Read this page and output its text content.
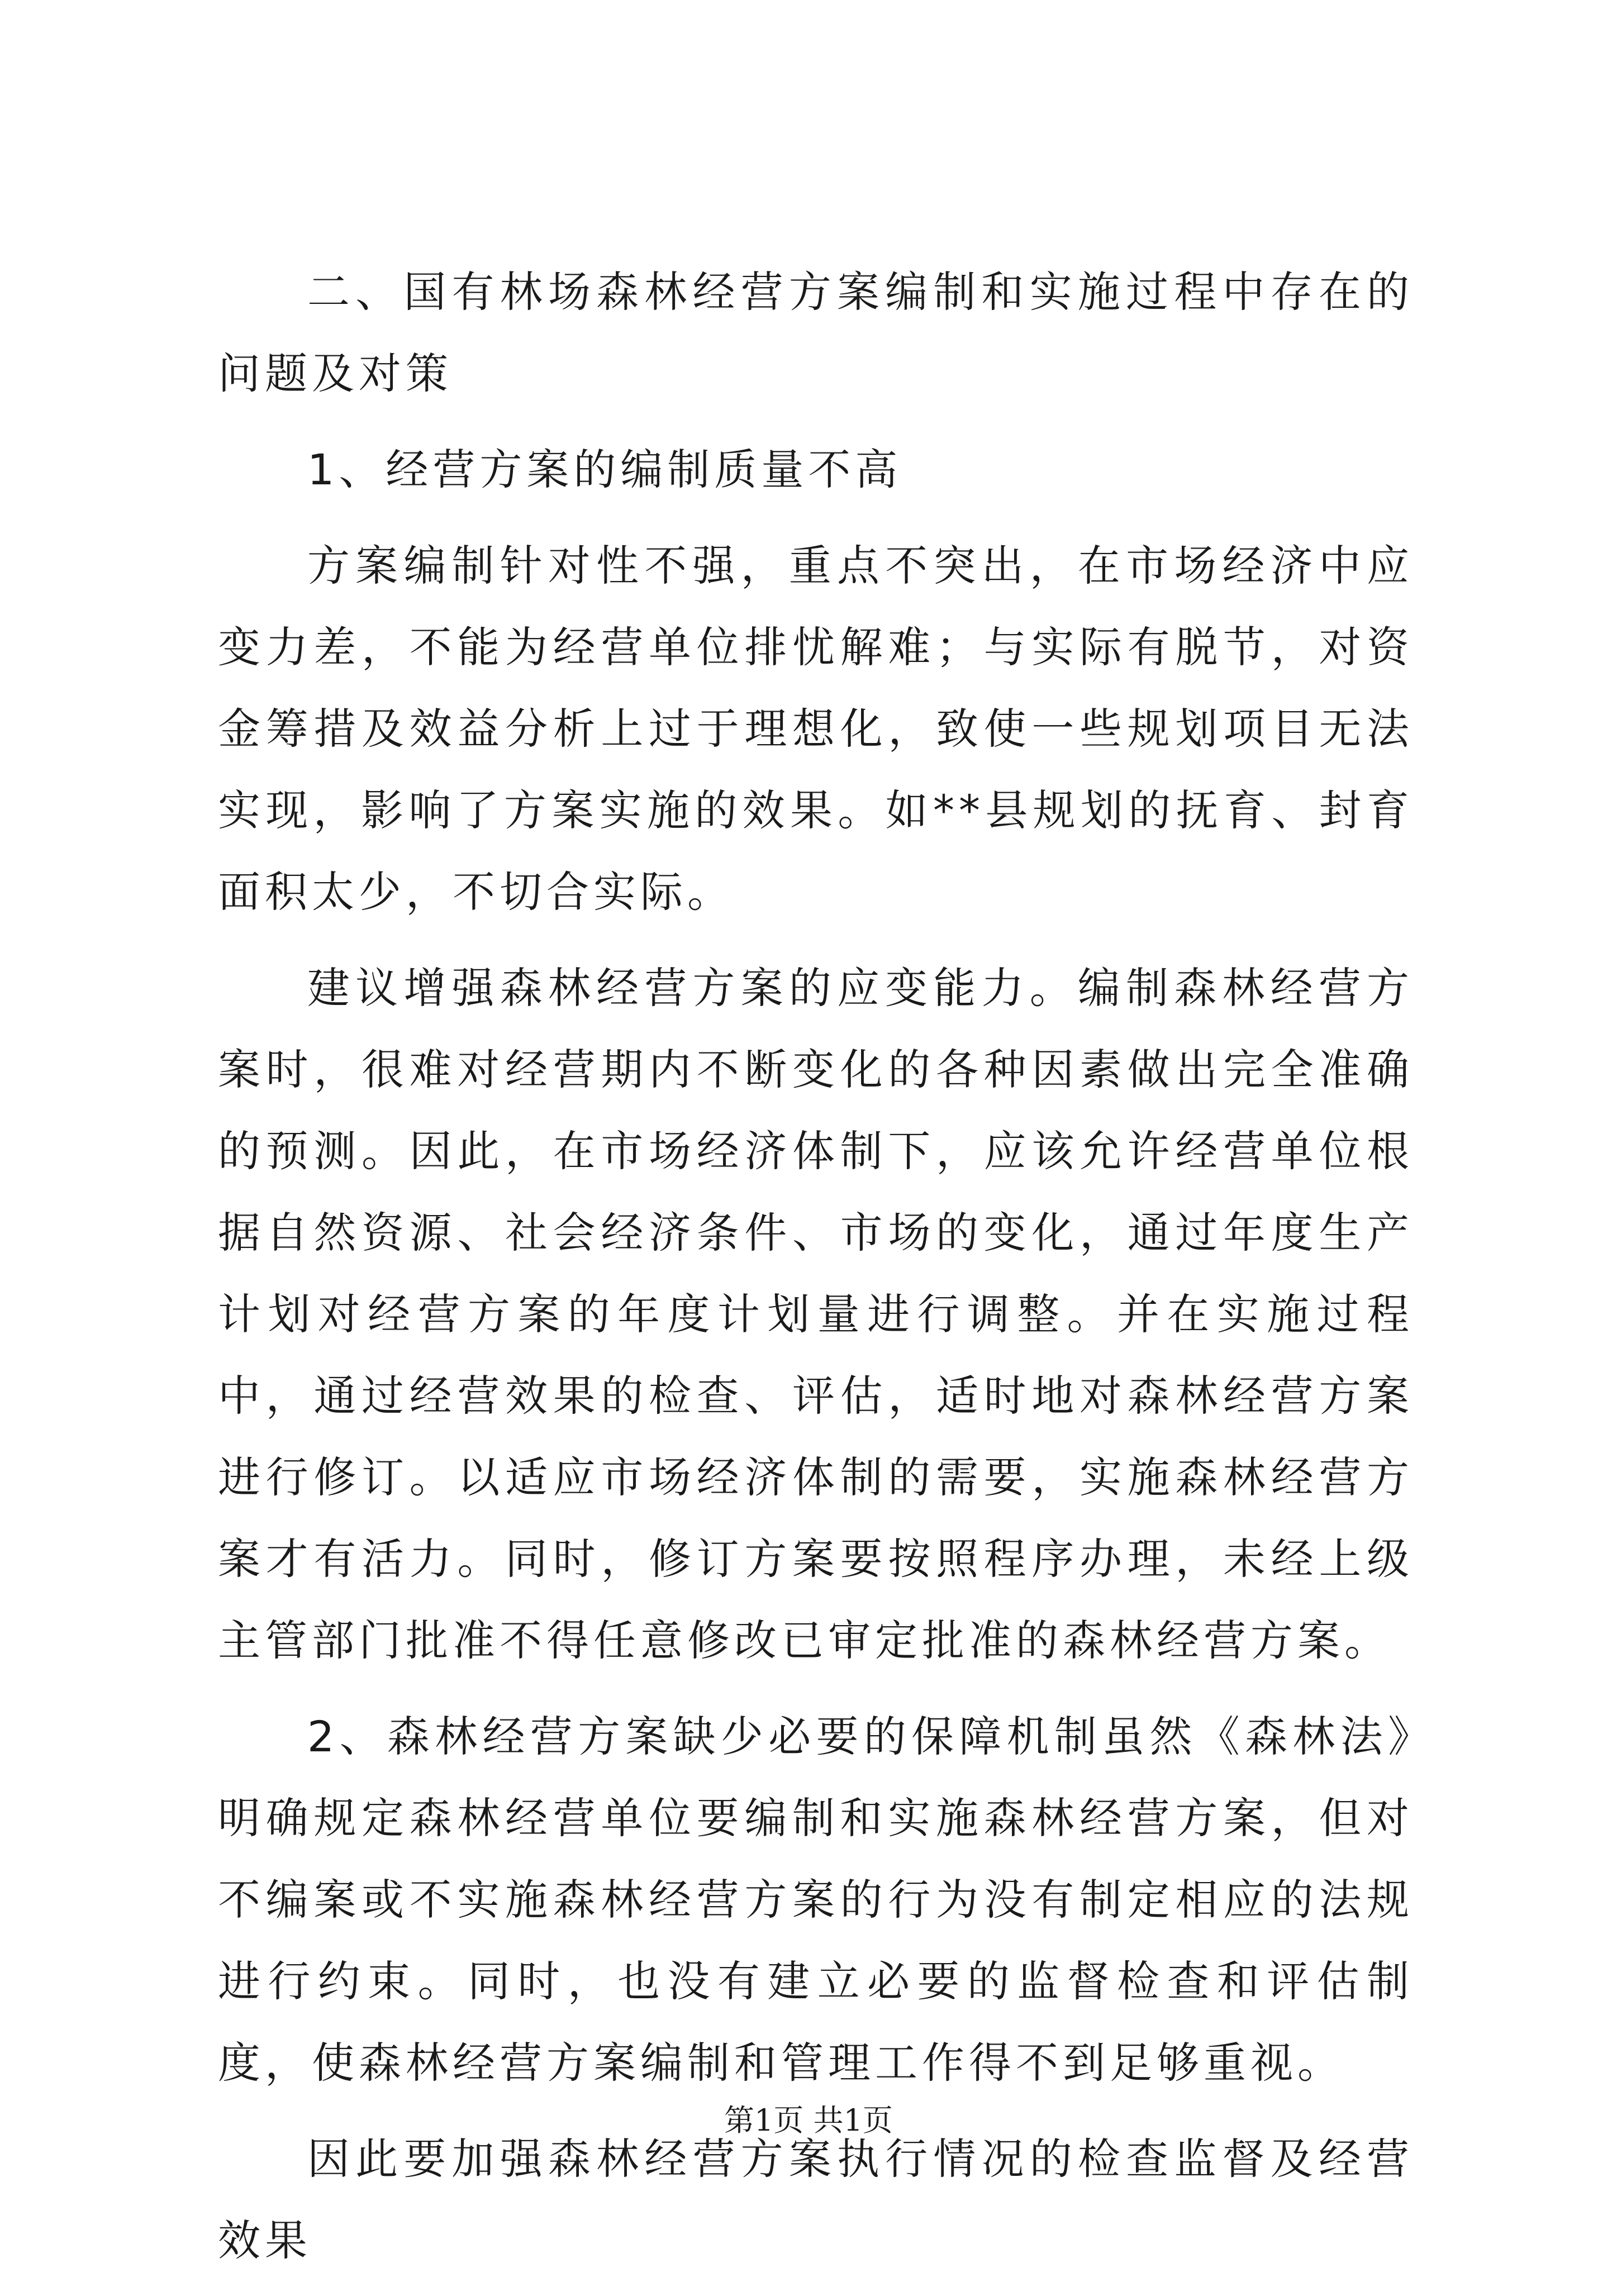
二、国有林场森林经营方案编制和实施过程中存在的问题及对策

1、经营方案的编制质量不高

方案编制针对性不强，重点不突出，在市场经济中应变力差，不能为经营单位排忧解难；与实际有脱节，对资金筹措及效益分析上过于理想化，致使一些规划项目无法实现，影响了方案实施的效果。如**县规划的抚育、封育面积太少，不切合实际。

建议增强森林经营方案的应变能力。编制森林经营方案时，很难对经营期内不断变化的各种因素做出完全准确的预测。因此，在市场经济体制下，应该允许经营单位根据自然资源、社会经济条件、市场的变化，通过年度生产计划对经营方案的年度计划量进行调整。并在实施过程中，通过经营效果的检查、评估，适时地对森林经营方案进行修订。以适应市场经济体制的需要，实施森林经营方案才有活力。同时，修订方案要按照程序办理，未经上级主管部门批准不得任意修改已审定批准的森林经营方案。

2、森林经营方案缺少必要的保障机制虽然《森林法》明确规定森林经营单位要编制和实施森林经营方案，但对不编案或不实施森林经营方案的行为没有制定相应的法规进行约束。同时，也没有建立必要的监督检查和评估制度，使森林经营方案编制和管理工作得不到足够重视。

因此要加强森林经营方案执行情况的检查监督及经营效果

第1页 共1页
